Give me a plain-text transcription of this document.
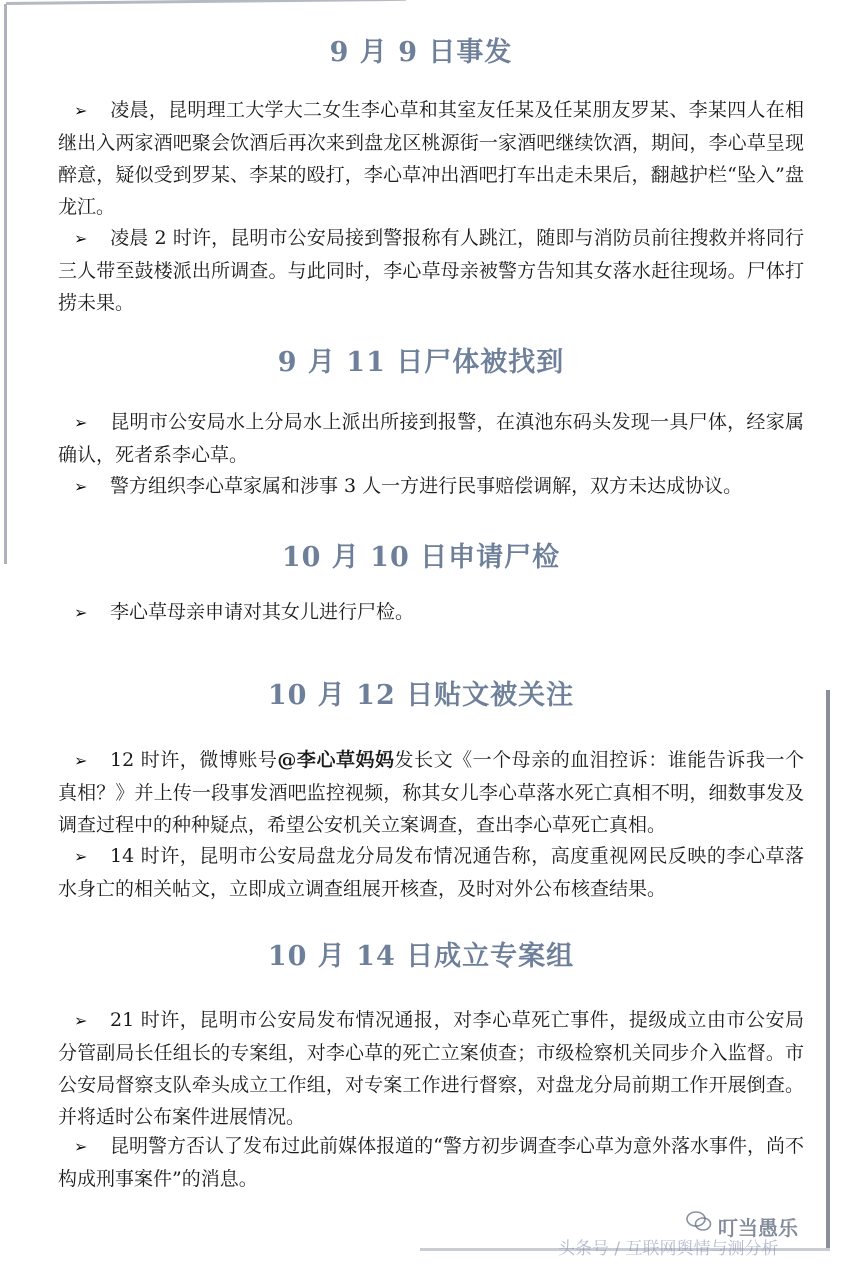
9 月 9 日事发
➢ 凌晨，昆明理工大学大二女生李心草和其室友任某及任某朋友罗某、李某四人在相继出入两家酒吧聚会饮酒后再次来到盘龙区桃源街一家酒吧继续饮酒，期间，李心草呈现醉意，疑似受到罗某、李某的殴打，李心草冲出酒吧打车出走未果后，翻越护栏“坠入”盘龙江。
➢ 凌晨 2 时许，昆明市公安局接到警报称有人跳江，随即与消防员前往搜救并将同行三人带至鼓楼派出所调查。与此同时，李心草母亲被警方告知其女落水赶往现场。尸体打捞未果。
9 月 11 日尸体被找到
➢ 昆明市公安局水上分局水上派出所接到报警，在滇池东码头发现一具尸体，经家属确认，死者系李心草。
➢ 警方组织李心草家属和涉事 3 人一方进行民事赔偿调解，双方未达成协议。
10 月 10 日申请尸检
➢ 李心草母亲申请对其女儿进行尸检。
10 月 12 日贴文被关注
➢ 12 时许，微博账号@李心草妈妈发长文《一个母亲的血泪控诉：谁能告诉我一个真相？》并上传一段事发酒吧监控视频，称其女儿李心草落水死亡真相不明，细数事发及调查过程中的种种疑点，希望公安机关立案调查，查出李心草死亡真相。
➢ 14 时许，昆明市公安局盘龙分局发布情况通告称，高度重视网民反映的李心草落水身亡的相关帖文，立即成立调查组展开核查，及时对外公布核查结果。
10 月 14 日成立专案组
➢ 21 时许，昆明市公安局发布情况通报，对李心草死亡事件，提级成立由市公安局分管副局长任组长的专案组，对李心草的死亡立案侦查；市级检察机关同步介入监督。市公安局督察支队牵头成立工作组，对专案工作进行督察，对盘龙分局前期工作开展倒查。并将适时公布案件进展情况。
➢ 昆明警方否认了发布过此前媒体报道的“警方初步调查李心草为意外落水事件，尚不构成刑事案件”的消息。
叮当愚乐
头条号 / 互联网舆情与测分析
